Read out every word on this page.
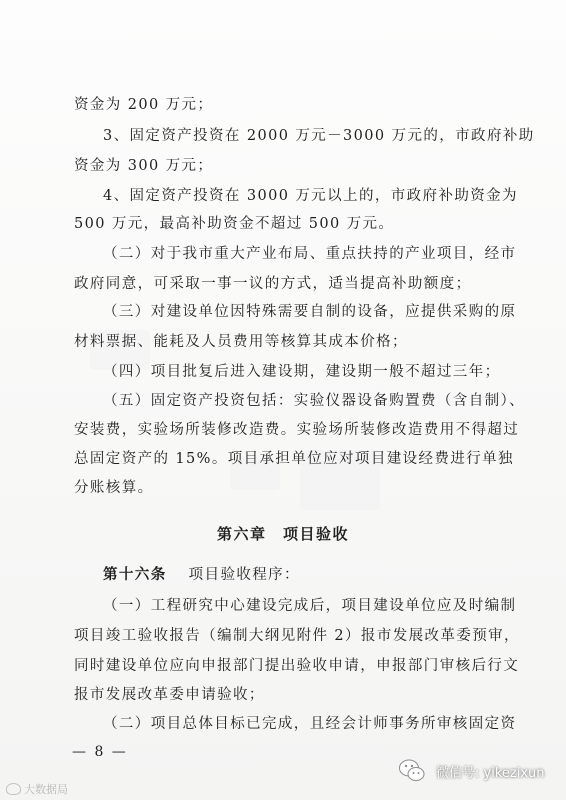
资金为 200 万元；
3、固定资产投资在 2000 万元－3000 万元的，市政府补助
资金为 300 万元；
4、固定资产投资在 3000 万元以上的，市政府补助资金为
500 万元，最高补助资金不超过 500 万元。
（二）对于我市重大产业布局、重点扶持的产业项目，经市
政府同意，可采取一事一议的方式，适当提高补助额度；
（三）对建设单位因特殊需要自制的设备，应提供采购的原
材料票据、能耗及人员费用等核算其成本价格；
（四）项目批复后进入建设期，建设期一般不超过三年；
（五）固定资产投资包括：实验仪器设备购置费（含自制）、
安装费，实验场所装修改造费。实验场所装修改造费用不得超过
总固定资产的 15%。项目承担单位应对项目建设经费进行单独
分账核算。
第六章　项目验收
第十六条 项目验收程序：
（一）工程研究中心建设完成后，项目建设单位应及时编制
项目竣工验收报告（编制大纲见附件 2）报市发展改革委预审，
同时建设单位应向申报部门提出验收申请，申报部门审核后行文
报市发展改革委申请验收；
（二）项目总体目标已完成，且经会计师事务所审核固定资
— 8 —
大数据局
微信号: yikezixun
